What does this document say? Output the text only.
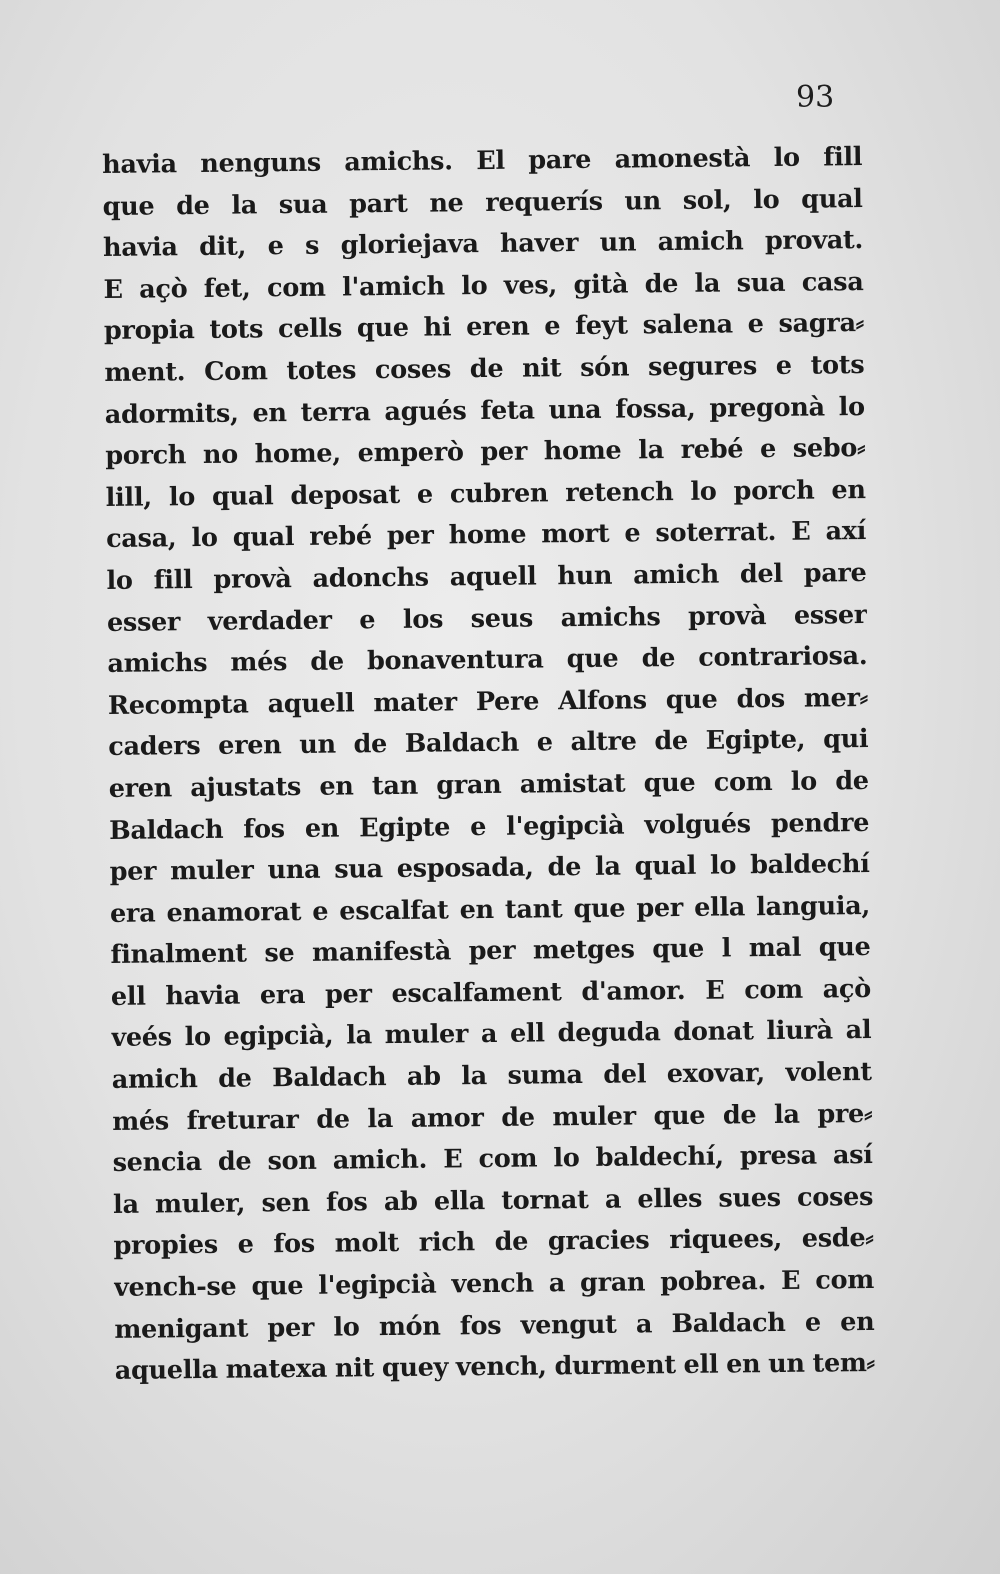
93

havia nenguns amichs. El pare amonestà lo fill
que de la sua part ne requerís un sol, lo qual
havia dit, e s gloriejava haver un amich provat.
E açò fet, com l'amich lo ves, gità de la sua casa
propia tots cells que hi eren e feyt salena e sagra⸗
ment. Com totes coses de nit són segures e tots
adormits, en terra agués feta una fossa, pregonà lo
porch no home, emperò per home la rebé e sebo⸗
lill, lo qual deposat e cubren retench lo porch en
casa, lo qual rebé per home mort e soterrat. E axí
lo fill provà adonchs aquell hun amich del pare
esser verdader e los seus amichs provà esser
amichs més de bonaventura que de contrariosa.
Recompta aquell mater Pere Alfons que dos mer⸗
caders eren un de Baldach e altre de Egipte, qui
eren ajustats en tan gran amistat que com lo de
Baldach fos en Egipte e l'egipcià volgués pendre
per muler una sua esposada, de la qual lo baldechí
era enamorat e escalfat en tant que per ella languia,
finalment se manifestà per metges que l mal que
ell havia era per escalfament d'amor. E com açò
veés lo egipcià, la muler a ell deguda donat liurà al
amich de Baldach ab la suma del exovar, volent
més freturar de la amor de muler que de la pre⸗
sencia de son amich. E com lo baldechí, presa así
la muler, sen fos ab ella tornat a elles sues coses
propies e fos molt rich de gracies riquees, esde⸗
vench-se que l'egipcià vench a gran pobrea. E com
menigant per lo món fos vengut a Baldach e en
aquella matexa nit quey vench, durment ell en un tem⸗
